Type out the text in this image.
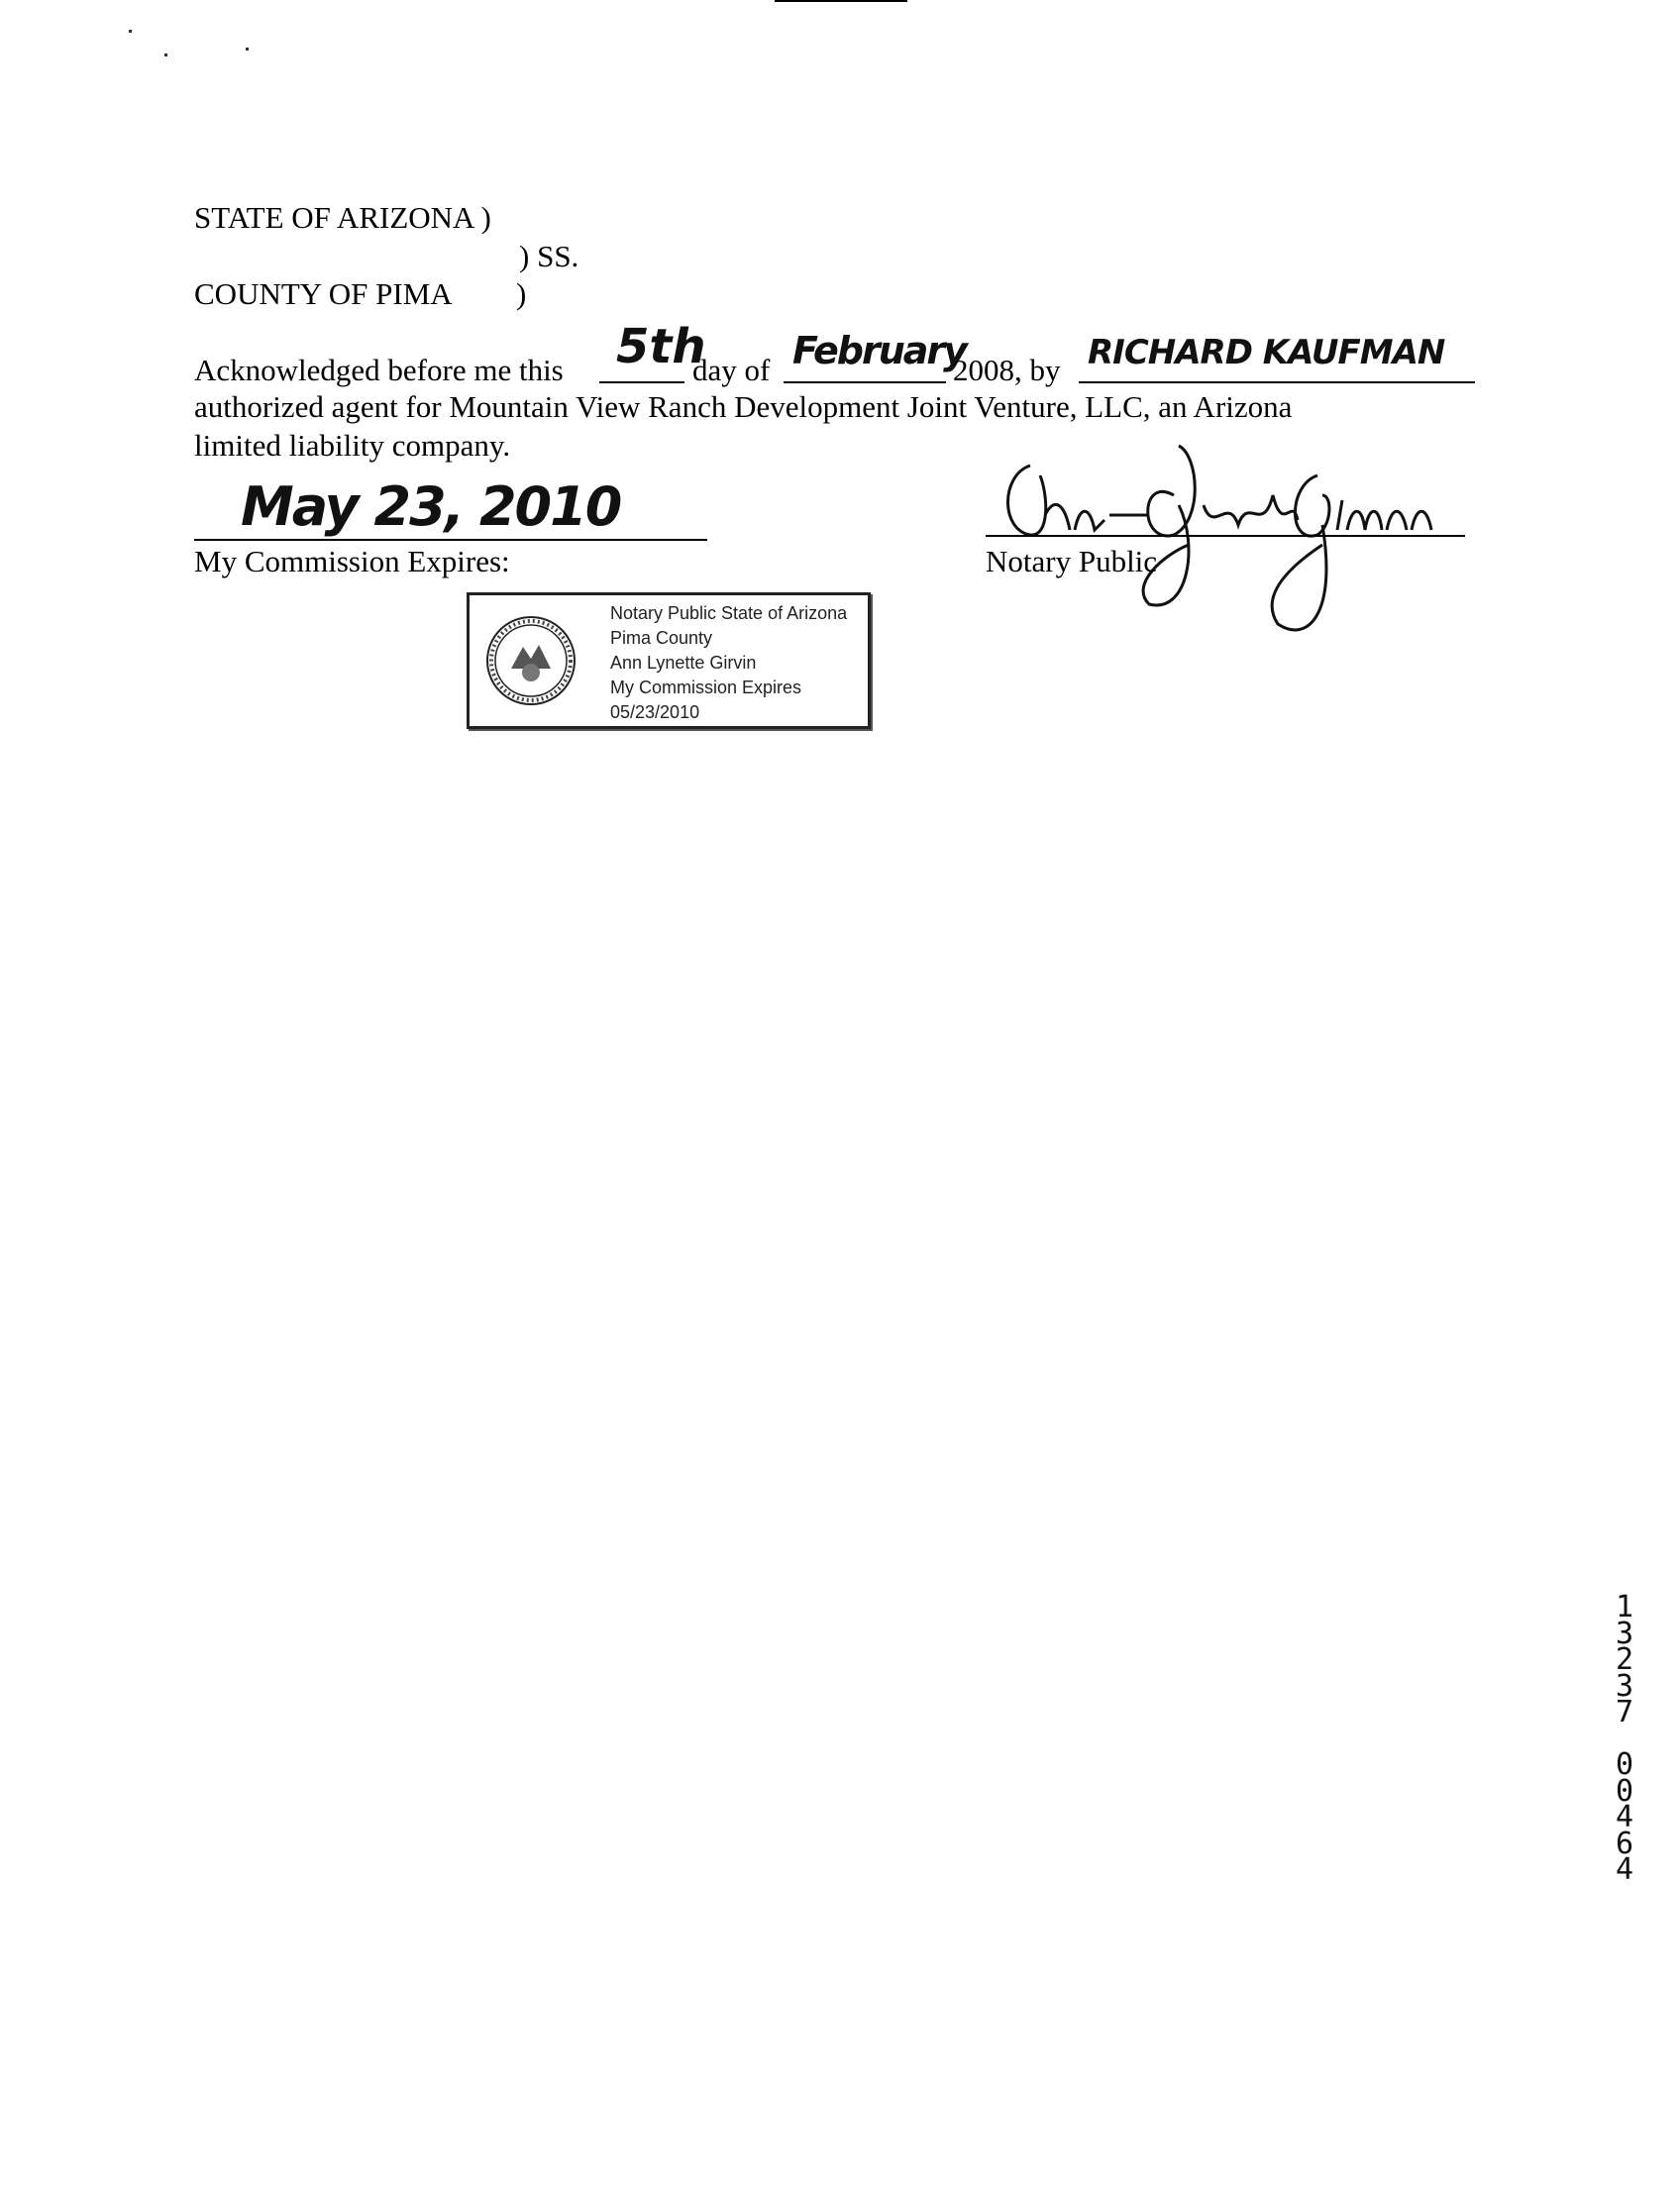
STATE OF ARIZONA )
) SS.
COUNTY OF PIMA )
Acknowledged before me this 5th
day of February
2008, by RICHARD KAUFMAN
authorized agent for Mountain View Ranch Development Joint Venture, LLC, an Arizona
limited liability company.
May 23, 2010
My Commission Expires:	Notary Public
Notary Public State of Arizona
Pima County
Ann Lynette Girvin
My Commission Expires
05/23/2010
1
3
2
3
7
0
0
4
6
4
